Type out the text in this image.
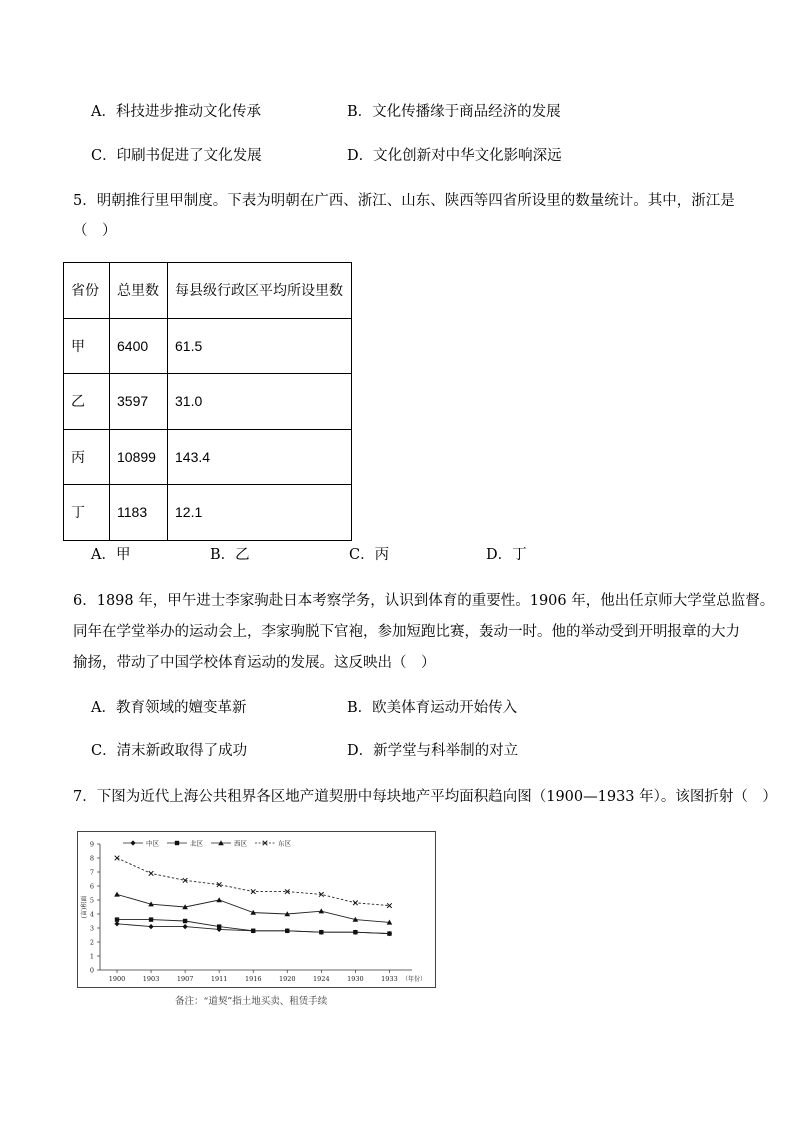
A．科技进步推动文化传承	B．文化传播缘于商品经济的发展
C．印刷书促进了文化发展	D．文化创新对中华文化影响深远
5．明朝推行里甲制度。下表为明朝在广西、浙江、山东、陕西等四省所设里的数量统计。其中，浙江是
（　）
省份	总里数	每县级行政区平均所设里数
甲	6400	61.5
乙	3597	31.0
丙	10899	143.4
丁	1183	12.1
A．甲	B．乙	C．丙	D．丁
6．1898 年，甲午进士李家驹赴日本考察学务，认识到体育的重要性。1906 年，他出任京师大学堂总监督。
同年在学堂举办的运动会上，李家驹脱下官袍，参加短跑比赛，轰动一时。他的举动受到开明报章的大力
揄扬，带动了中国学校体育运动的发展。这反映出（　）
A．教育领域的嬗变革新	B．欧美体育运动开始传入
C．清末新政取得了成功	D．新学堂与科举制的对立
7．下图为近代上海公共租界各区地产道契册中每块地产平均面积趋向图（1900—1933 年）。该图折射（　）
0
1
2
3
4
5
6
7
8
9
(亩)积面
1900	1903	1907	1911	1916	1920	1924	1930	1933 （年份）
中区	北区	西区	东区
备注：“道契”指土地买卖、租赁手续
